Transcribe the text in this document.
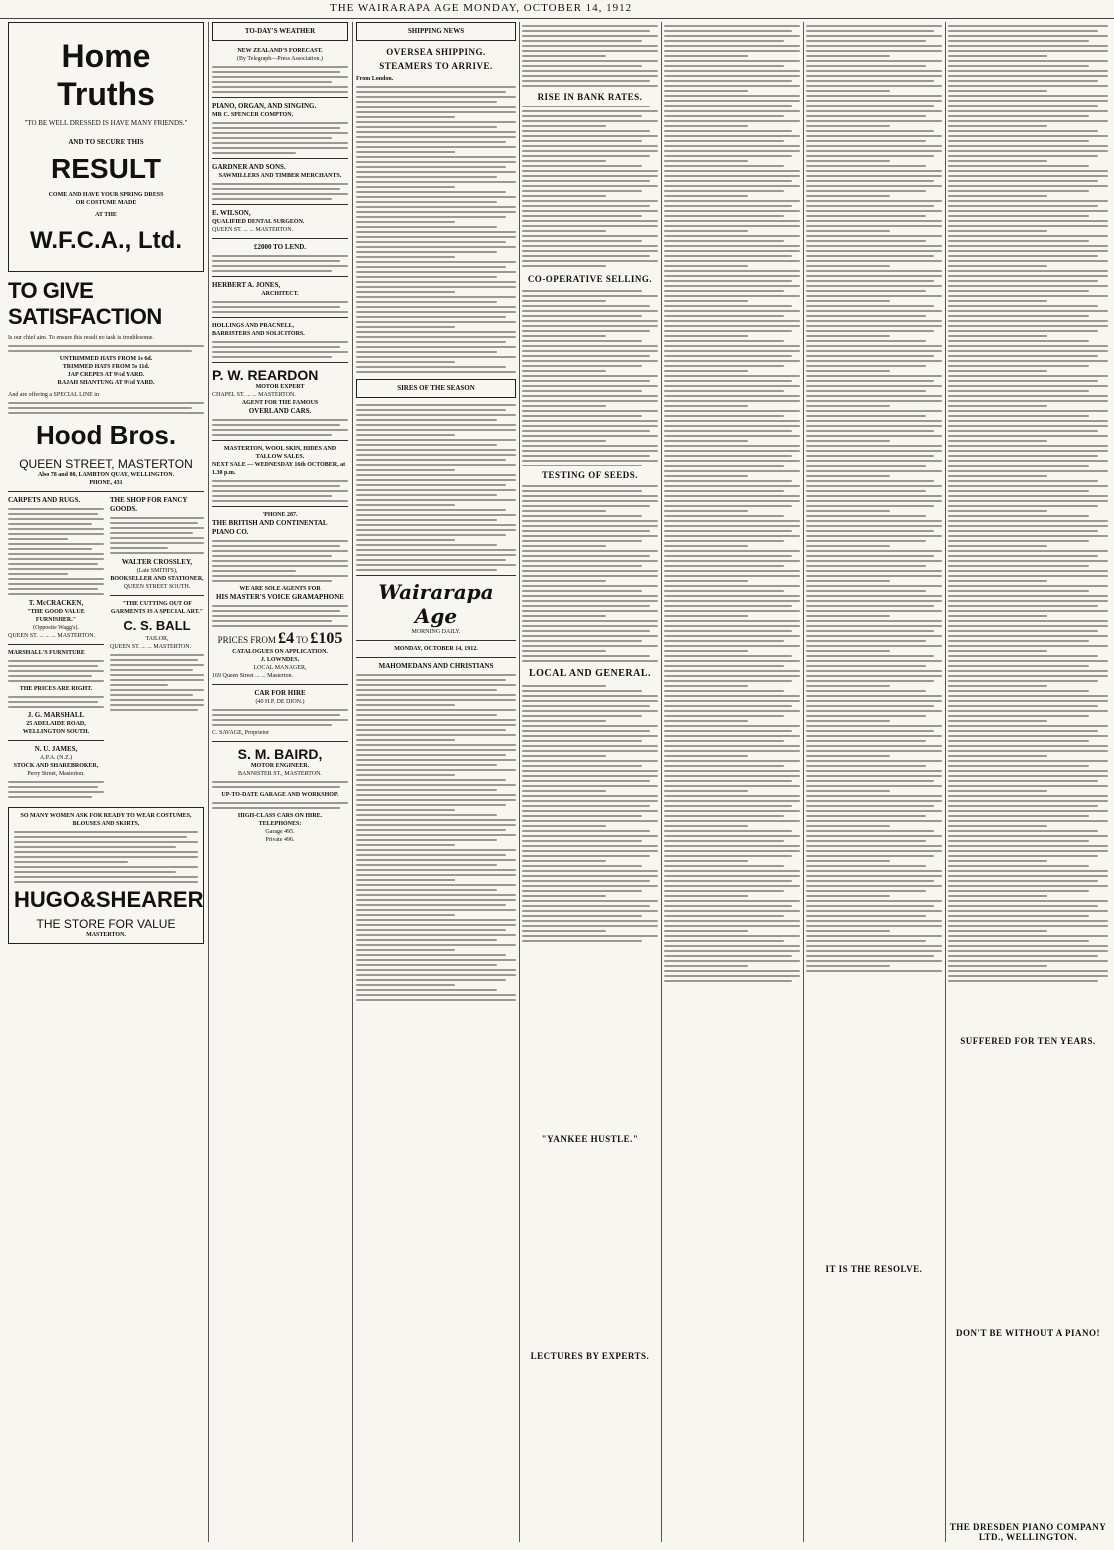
THE WAIRARAPA AGE MONDAY, OCTOBER 14, 1912
Home Truths
"TO BE WELL DRESSED IS HAVE MANY FRIENDS."
AND TO SECURE THIS
RESULT
COME AND HAVE YOUR SPRING DRESS
OR COSTUME MADE
AT THE
W.F.C.A., Ltd.
TO GIVE SATISFACTION
Is our chief aim. To ensure this result no task is troublesome.
UNTRIMMED HATS FROM 1s 6d.
TRIMMED HATS FROM 5s 11d.
JAP CREPES AT 9½d YARD.
RAJAH SHANTUNG AT 9½d YARD.
And are offering a SPECIAL LINE in
Hood Bros.
QUEEN STREET, MASTERTON
Also 78 and 80, LAMBTON QUAY, WELLINGTON.
PHONE, 431
CARPETS AND RUGS.
T. McCRACKEN,
"THE GOOD VALUE FURNISHER."
(Opposite Wagg's).
QUEEN ST. ... ... ... MASTERTON.
MARSHALL'S FURNITURE
THE PRICES ARE RIGHT.
J. G. MARSHALL
25 ADELAIDE ROAD,
WELLINGTON SOUTH.
N. U. JAMES,
A.P.A. (N.Z.)
STOCK AND SHAREBROKER,
Perry Street, Masterton.
THE SHOP FOR FANCY GOODS.
WALTER CROSSLEY,
(Late SMITH'S),
BOOKSELLER AND STATIONER,
QUEEN STREET SOUTH.
"THE CUTTING OUT OF GARMENTS IS A SPECIAL ART."
C. S. BALL
TAILOR,
QUEEN ST. ... ... MASTERTON.
SO MANY WOMEN ASK FOR READY TO WEAR COSTUMES, BLOUSES AND SKIRTS,
HUGO&SHEARER
THE STORE FOR VALUE
MASTERTON.
TO-DAY'S WEATHER
NEW ZEALAND'S FORECAST.
(By Telegraph—Press Association.)
PIANO, ORGAN, AND SINGING.
MR C. SPENCER COMPTON,
GARDNER AND SONS.
SAWMILLERS AND TIMBER MERCHANTS.
E. WILSON,
QUALIFIED DENTAL SURGEON.
QUEEN ST. ... ... MASTERTON.
£2000 TO LEND.
HERBERT A. JONES,
ARCHITECT.
HOLLINGS AND PRACNELL,
BARRISTERS AND SOLICITORS.
P. W. REARDON
MOTOR EXPERT
CHAPEL ST. ... ... MASTERTON.
AGENT FOR THE FAMOUS
OVERLAND CARS.
MASTERTON, WOOL SKIN, HIDES AND TALLOW SALES.
NEXT SALE — WEDNESDAY 16th OCTOBER, at 1.30 p.m.
'PHONE 287.
THE BRITISH AND CONTINENTAL PIANO CO.
WE ARE SOLE AGENTS FOR
HIS MASTER'S VOICE GRAMAPHONE
PRICES FROM £4 TO £105
CATALOGUES ON APPLICATION.
J. LOWNDES,
LOCAL MANAGER,
169 Queen Street ... ... Masterton.
CAR FOR HIRE
(40 H.P. DE DION.)
C. SAVAGE, Proprietor
S. M. BAIRD,
MOTOR ENGINEER.
BANNISTER ST., MASTERTON.
UP-TO-DATE GARAGE AND WORKSHOP.
HIGH-CLASS CARS ON HIRE.
TELEPHONES:
Garage 495.
Private 496.
SHIPPING NEWS
OVERSEA SHIPPING.
STEAMERS TO ARRIVE.
From London.
SIRES OF THE SEASON
Wairarapa Age
MORNING DAILY.
MONDAY, OCTOBER 14, 1912.
MAHOMEDANS AND CHRISTIANS
RISE IN BANK RATES.
CO-OPERATIVE SELLING.
TESTING OF SEEDS.
LOCAL AND GENERAL.
"YANKEE HUSTLE."
LECTURES BY EXPERTS.
IT IS THE RESOLVE.
SUFFERED FOR TEN YEARS.
DON'T BE WITHOUT A PIANO!
THE DRESDEN PIANO COMPANY LTD., WELLINGTON.
